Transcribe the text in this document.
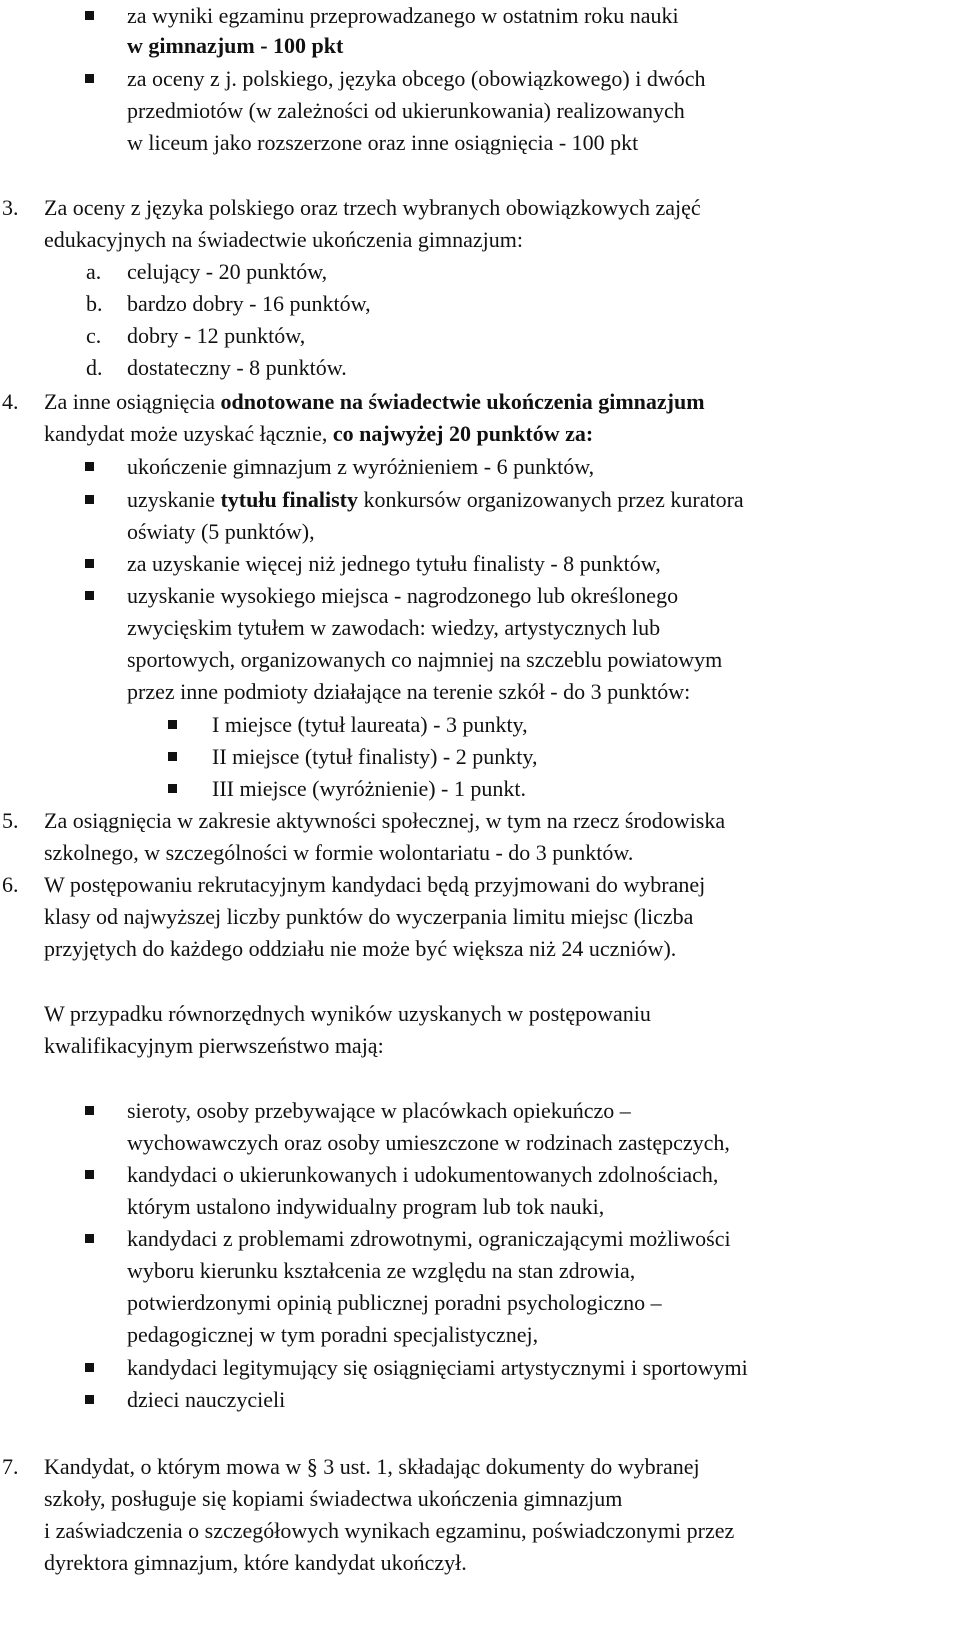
za wyniki egzaminu przeprowadzanego w ostatnim roku nauki
w gimnazjum - 100 pkt
za oceny z j. polskiego, języka obcego (obowiązkowego) i dwóch
przedmiotów (w zależności od ukierunkowania) realizowanych
w liceum jako rozszerzone oraz inne osiągnięcia - 100 pkt
3. Za oceny z języka polskiego oraz trzech wybranych obowiązkowych zajęć
edukacyjnych na świadectwie ukończenia gimnazjum:
a. celujący - 20 punktów,
b. bardzo dobry - 16 punktów,
c. dobry - 12 punktów,
d. dostateczny - 8 punktów.
4. Za inne osiągnięcia odnotowane na świadectwie ukończenia gimnazjum
kandydat może uzyskać łącznie, co najwyżej 20 punktów za:
ukończenie gimnazjum z wyróżnieniem - 6 punktów,
uzyskanie tytułu finalisty konkursów organizowanych przez kuratora
oświaty (5 punktów),
za uzyskanie więcej niż jednego tytułu finalisty - 8 punktów,
uzyskanie wysokiego miejsca - nagrodzonego lub określonego
zwycięskim tytułem w zawodach: wiedzy, artystycznych lub
sportowych, organizowanych co najmniej na szczeblu powiatowym
przez inne podmioty działające na terenie szkół - do 3 punktów:
I miejsce (tytuł laureata) - 3 punkty,
II miejsce (tytuł finalisty) - 2 punkty,
III miejsce (wyróżnienie) - 1 punkt.
5. Za osiągnięcia w zakresie aktywności społecznej, w tym na rzecz środowiska
szkolnego, w szczególności w formie wolontariatu - do 3 punktów.
6. W postępowaniu rekrutacyjnym kandydaci będą przyjmowani do wybranej
klasy od najwyższej liczby punktów do wyczerpania limitu miejsc (liczba
przyjętych do każdego oddziału nie może być większa niż 24 uczniów).
W przypadku równorzędnych wyników uzyskanych w postępowaniu
kwalifikacyjnym pierwszeństwo mają:
sieroty, osoby przebywające w placówkach opiekuńczo –
wychowawczych oraz osoby umieszczone w rodzinach zastępczych,
kandydaci o ukierunkowanych i udokumentowanych zdolnościach,
którym ustalono indywidualny program lub tok nauki,
kandydaci z problemami zdrowotnymi, ograniczającymi możliwości
wyboru kierunku kształcenia ze względu na stan zdrowia,
potwierdzonymi opinią publicznej poradni psychologiczno –
pedagogicznej w tym poradni specjalistycznej,
kandydaci legitymujący się osiągnięciami artystycznymi i sportowymi
dzieci nauczycieli
7. Kandydat, o którym mowa w § 3 ust. 1, składając dokumenty do wybranej
szkoły, posługuje się kopiami świadectwa ukończenia gimnazjum
i zaświadczenia o szczegółowych wynikach egzaminu, poświadczonymi przez
dyrektora gimnazjum, które kandydat ukończył.
